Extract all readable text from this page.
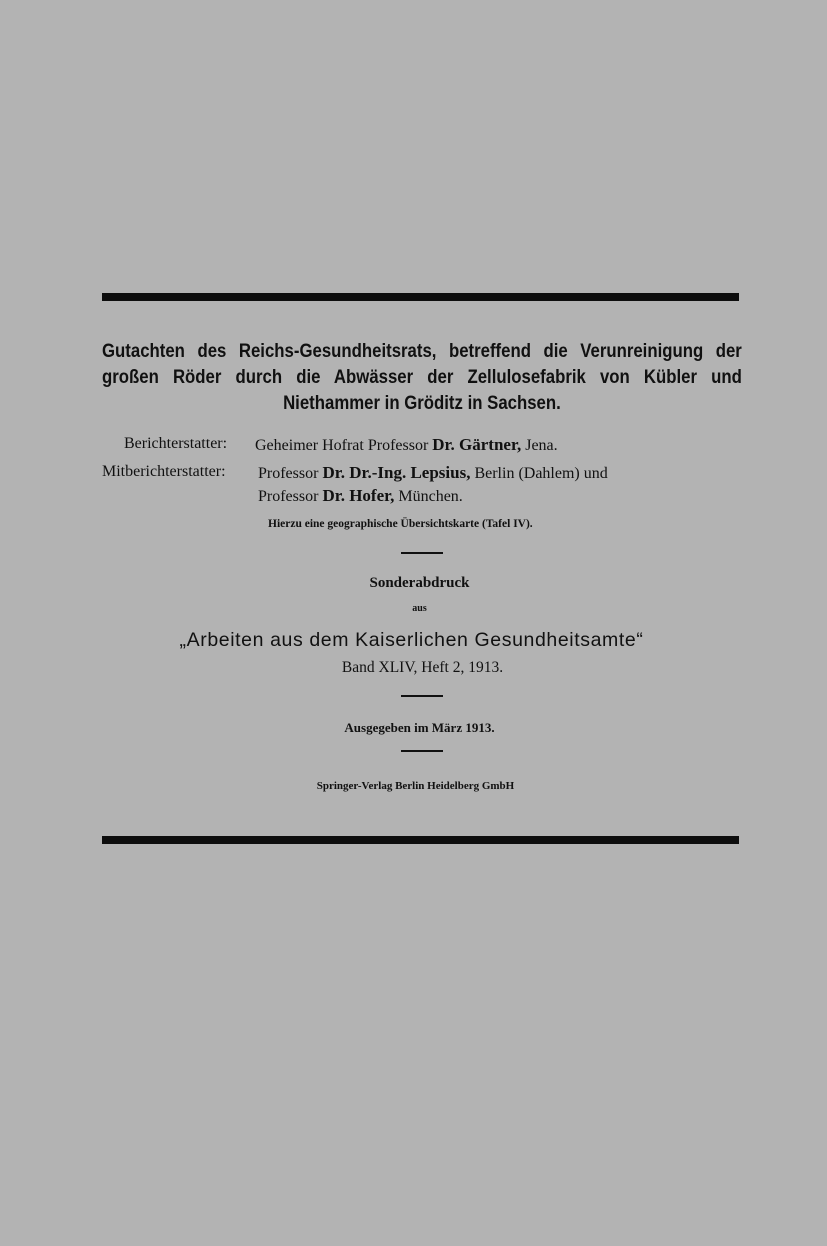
Gutachten des Reichs-Gesundheitsrats, betreffend die Verunreinigung der
großen Röder durch die Abwässer der Zellulosefabrik von Kübler und
Niethammer in Gröditz in Sachsen.
Berichterstatter: Geheimer Hofrat Professor Dr. Gärtner, Jena.
Mitberichterstatter: Professor Dr. Dr.-Ing. Lepsius, Berlin (Dahlem) und
Professor Dr. Hofer, München.
Hierzu eine geographische Übersichtskarte (Tafel IV).
Sonderabdruck
aus
„Arbeiten aus dem Kaiserlichen Gesundheitsamte“
Band XLIV, Heft 2, 1913.
Ausgegeben im März 1913.
Springer-Verlag Berlin Heidelberg GmbH
